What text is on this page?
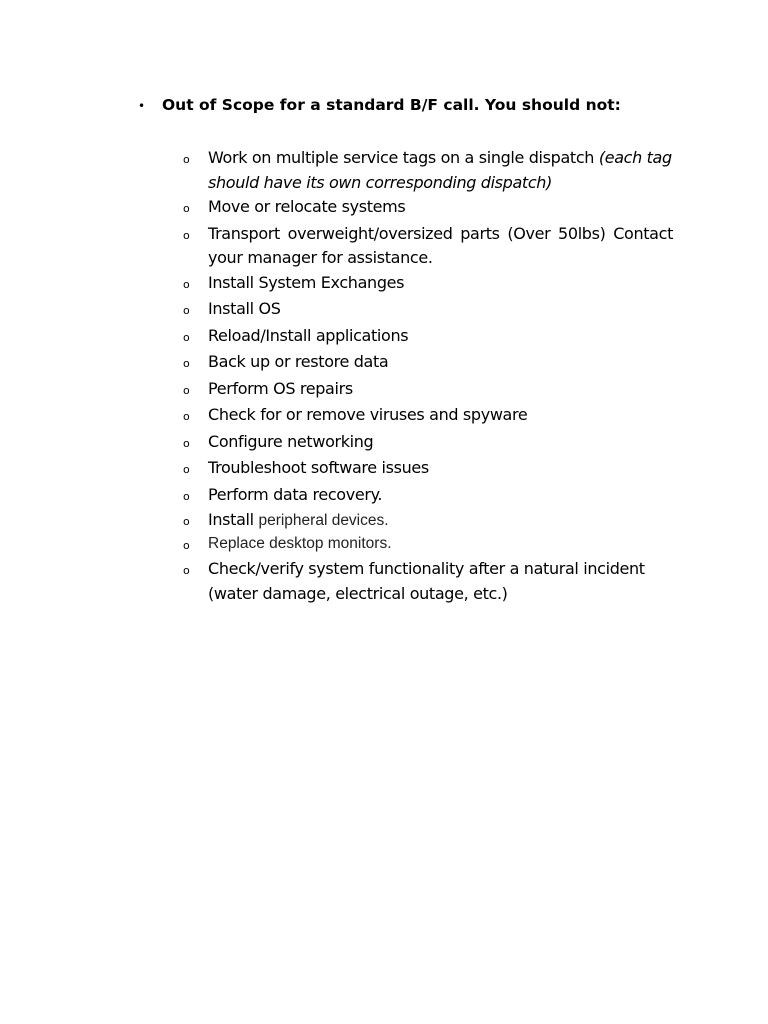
•	Out of Scope for a standard B/F call. You should not:
o	Work on multiple service tags on a single dispatch (each tag should have its own corresponding dispatch)
o	Move or relocate systems
o	Transport overweight/oversized parts (Over 50lbs) Contact your manager for assistance.
o	Install System Exchanges
o	Install OS
o	Reload/Install applications
o	Back up or restore data
o	Perform OS repairs
o	Check for or remove viruses and spyware
o	Configure networking
o	Troubleshoot software issues
o	Perform data recovery.
o	Install peripheral devices.
o	Replace desktop monitors.
o	Check/verify system functionality after a natural incident (water damage, electrical outage, etc.)
